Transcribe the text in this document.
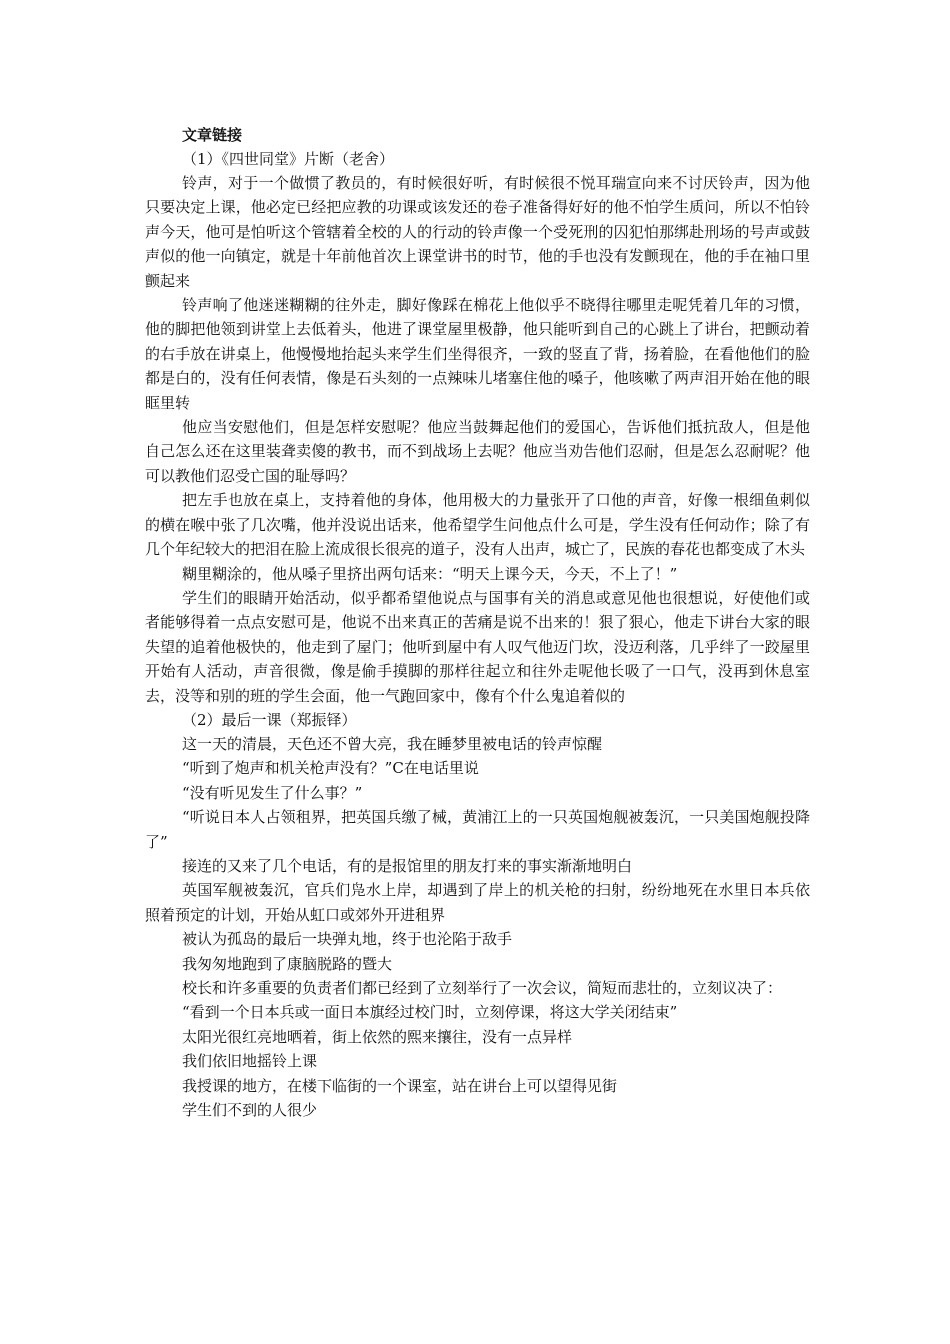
文章链接
（1）《四世同堂》片断（老舍）

铃声，对于一个做惯了教员的，有时候很好听，有时候很不悦耳瑞宣向来不讨厌铃声，因为他只要决定上课，他必定已经把应教的功课或该发还的卷子准备得好好的他不怕学生质问，所以不怕铃声今天，他可是怕听这个管辖着全校的人的行动的铃声像一个受死刑的囚犯怕那绑赴刑场的号声或鼓声似的他一向镇定，就是十年前他首次上课堂讲书的时节，他的手也没有发颤现在，他的手在袖口里颤起来

铃声响了他迷迷糊糊的往外走，脚好像踩在棉花上他似乎不晓得往哪里走呢凭着几年的习惯，他的脚把他领到讲堂上去低着头，他进了课堂屋里极静，他只能听到自己的心跳上了讲台，把颤动着的右手放在讲桌上，他慢慢地抬起头来学生们坐得很齐，一致的竖直了背，扬着脸，在看他他们的脸都是白的，没有任何表情，像是石头刻的一点辣味儿堵塞住他的嗓子，他咳嗽了两声泪开始在他的眼眶里转

他应当安慰他们，但是怎样安慰呢？他应当鼓舞起他们的爱国心，告诉他们抵抗敌人，但是他自己怎么还在这里装聋卖傻的教书，而不到战场上去呢？他应当劝告他们忍耐，但是怎么忍耐呢？他可以教他们忍受亡国的耻辱吗？

把左手也放在桌上，支持着他的身体，他用极大的力量张开了口他的声音，好像一根细鱼刺似的横在喉中张了几次嘴，他并没说出话来，他希望学生问他点什么可是，学生没有任何动作；除了有几个年纪较大的把泪在脸上流成很长很亮的道子，没有人出声，城亡了，民族的春花也都变成了木头

糊里糊涂的，他从嗓子里挤出两句话来：“明天上课今天，今天，不上了！”

学生们的眼睛开始活动，似乎都希望他说点与国事有关的消息或意见他也很想说，好使他们或者能够得着一点点安慰可是，他说不出来真正的苦痛是说不出来的！狠了狠心，他走下讲台大家的眼失望的追着他极快的，他走到了屋门；他听到屋中有人叹气他迈门坎，没迈利落，几乎绊了一跤屋里开始有人活动，声音很微，像是偷手摸脚的那样往起立和往外走呢他长吸了一口气，没再到休息室去，没等和别的班的学生会面，他一气跑回家中，像有个什么鬼追着似的

（2）最后一课（郑振铎）

这一天的清晨，天色还不曾大亮，我在睡梦里被电话的铃声惊醒

“听到了炮声和机关枪声没有？”C在电话里说

“没有听见发生了什么事？”

“听说日本人占领租界，把英国兵缴了械，黄浦江上的一只英国炮舰被轰沉，一只美国炮舰投降了”

接连的又来了几个电话，有的是报馆里的朋友打来的事实渐渐地明白

英国军舰被轰沉，官兵们凫水上岸，却遇到了岸上的机关枪的扫射，纷纷地死在水里日本兵依照着预定的计划，开始从虹口或郊外开进租界

被认为孤岛的最后一块弹丸地，终于也沦陷于敌手

我匆匆地跑到了康脑脱路的暨大

校长和许多重要的负责者们都已经到了立刻举行了一次会议，简短而悲壮的，立刻议决了：

“看到一个日本兵或一面日本旗经过校门时，立刻停课，将这大学关闭结束”

太阳光很红亮地晒着，街上依然的熙来攘往，没有一点异样

我们依旧地摇铃上课

我授课的地方，在楼下临街的一个课室，站在讲台上可以望得见街

学生们不到的人很少
